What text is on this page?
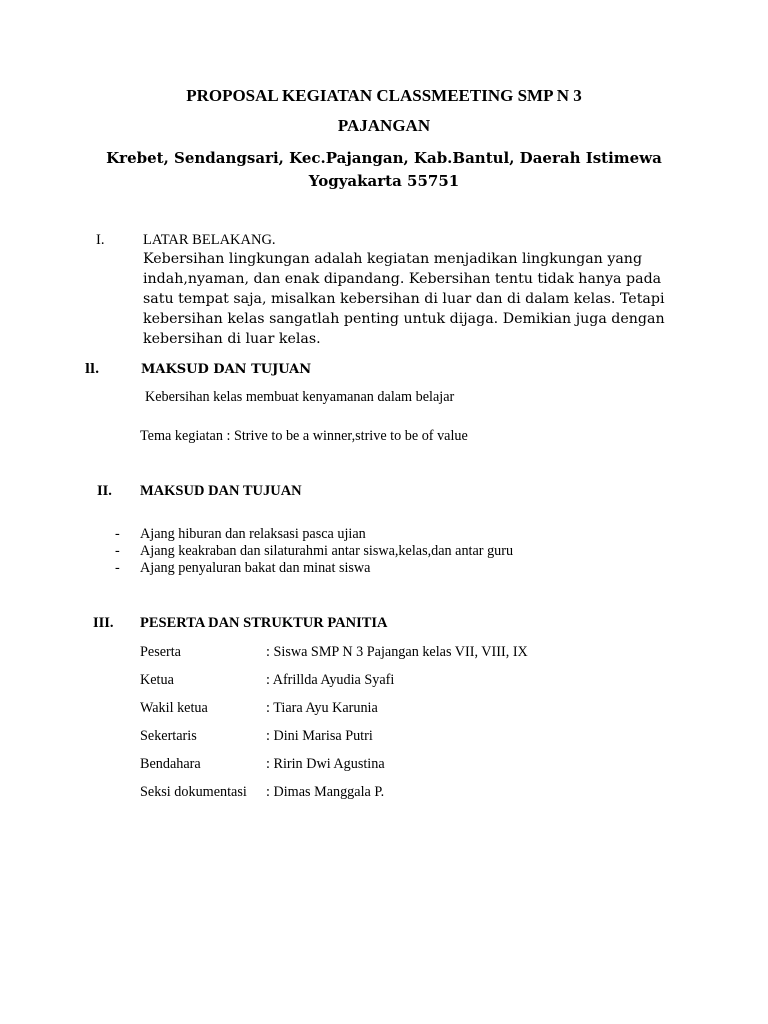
PROPOSAL KEGIATAN CLASSMEETING SMP N 3
PAJANGAN
Krebet, Sendangsari, Kec.Pajangan, Kab.Bantul, Daerah Istimewa
Yogyakarta 55751
I.	LATAR BELAKANG.
Kebersihan lingkungan adalah kegiatan menjadikan lingkungan yang
indah,nyaman, dan enak dipandang. Kebersihan tentu tidak hanya pada
satu tempat saja, misalkan kebersihan di luar dan di dalam kelas. Tetapi
kebersihan kelas sangatlah penting untuk dijaga. Demikian juga dengan
kebersihan di luar kelas.
ll.	MAKSUD DAN TUJUAN
Kebersihan kelas membuat kenyamanan dalam belajar
Tema kegiatan : Strive to be a winner,strive to be of value
II. MAKSUD DAN TUJUAN
- Ajang hiburan dan relaksasi pasca ujian
- Ajang keakraban dan silaturahmi antar siswa,kelas,dan antar guru
- Ajang penyaluran bakat dan minat siswa
III. PESERTA DAN STRUKTUR PANITIA
Peserta	: Siswa SMP N 3 Pajangan kelas VII, VIII, IX
Ketua	: Afrillda Ayudia Syafi
Wakil ketua	: Tiara Ayu Karunia
Sekertaris	: Dini Marisa Putri
Bendahara	: Ririn Dwi Agustina
Seksi dokumentasi : Dimas Manggala P.
